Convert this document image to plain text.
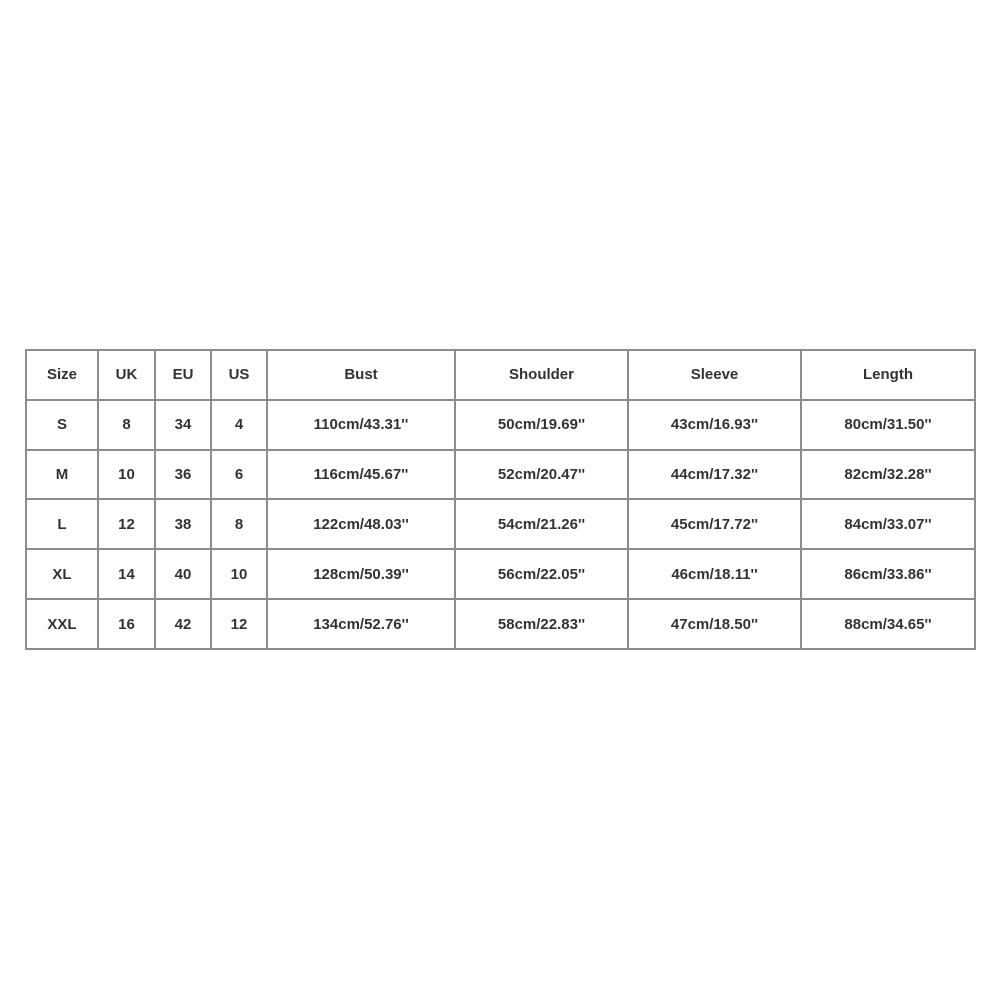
Size	UK	EU	US	Bust	Shoulder	Sleeve	Length
S	8	34	4	110cm/43.31''	50cm/19.69''	43cm/16.93''	80cm/31.50''
M	10	36	6	116cm/45.67''	52cm/20.47''	44cm/17.32''	82cm/32.28''
L	12	38	8	122cm/48.03''	54cm/21.26''	45cm/17.72''	84cm/33.07''
XL	14	40	10	128cm/50.39''	56cm/22.05''	46cm/18.11''	86cm/33.86''
XXL	16	42	12	134cm/52.76''	58cm/22.83''	47cm/18.50''	88cm/34.65''
